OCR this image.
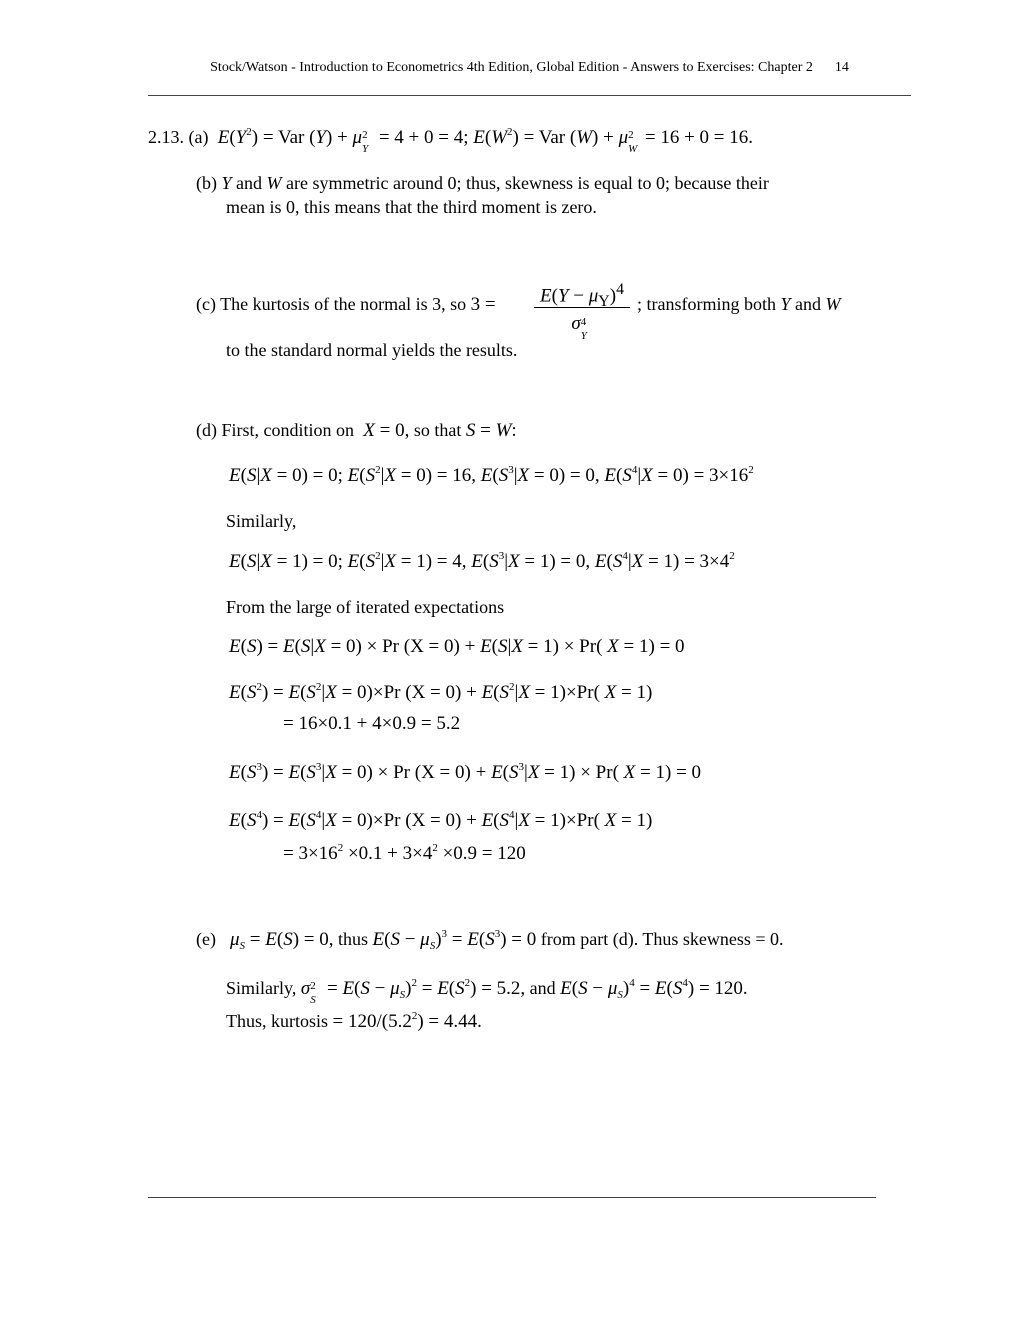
Stock/Watson - Introduction to Econometrics 4th Edition, Global Edition - Answers to Exercises: Chapter 2 14
2.13. (a) $E(Y^2)$ = Var (Y) + μ 2
Y
= 4 + 0 = 4; $E(W^2)$ = Var (W) + μ 2
W
= 16 + 0 = 16.
(b) Y and W are symmetric around 0; thus, skewness is equal to 0; because their
mean is 0, this means that the third moment is zero.
(c) The kurtosis of the normal is 3, so 3 =	$E(Y - \mu_Y)^4$
σ 4
Y
; transforming both Y and W
to the standard normal yields the results.
(d) First, condition on X = 0, so that S = W:
E(S|X = 0) = 0; $E(S^2|X = 0) = 16$, $E(S^3|X = 0) = 0$, $E(S^4|X = 0) = 3\times 16^2$
Similarly,
E(S|X = 1) = 0; $E(S^2|X = 1) = 4$, $E(S^3|X = 1) = 0$, $E(S^4|X = 1) = 3\times 4^2$
From the large of iterated expectations
E(S) = E(S|X = 0) × Pr (X = 0) + E(S|X = 1) × Pr( X = 1) = 0
$E(S^2) = E(S^2|X = 0)\times Pr$ $(X = 0) + E(S^2|X = 1)\times Pr$( X = 1)
= 16×0.1 + 4×0.9 = 5.2
$E(S^3) = E(S^3|X = 0) \times Pr$ $(X = 0) + E(S^3|X = 1) \times Pr$( X = 1) = 0
$E(S^4) = E(S^4|X = 0)\times Pr$ $(X = 0) + E(S^4|X = 1)\times Pr$( X = 1)
= $3\times 16^2 \times 0.1 + 3\times 4^2 \times 0.9 = 120$
(e) $\mu_S = E(S) = 0$, thus $E(S - \mu_S)^3 = E(S^3) = 0$ from part (d). Thus skewness = 0.
Similarly, σ 2
S
= $E(S - \mu_S)^2 = E(S^2) = 5.2$, and $E(S - \mu_S)^4 = E(S^4) = 120$.
Thus, kurtosis = $120/(5.2^2) = 4.44$.
